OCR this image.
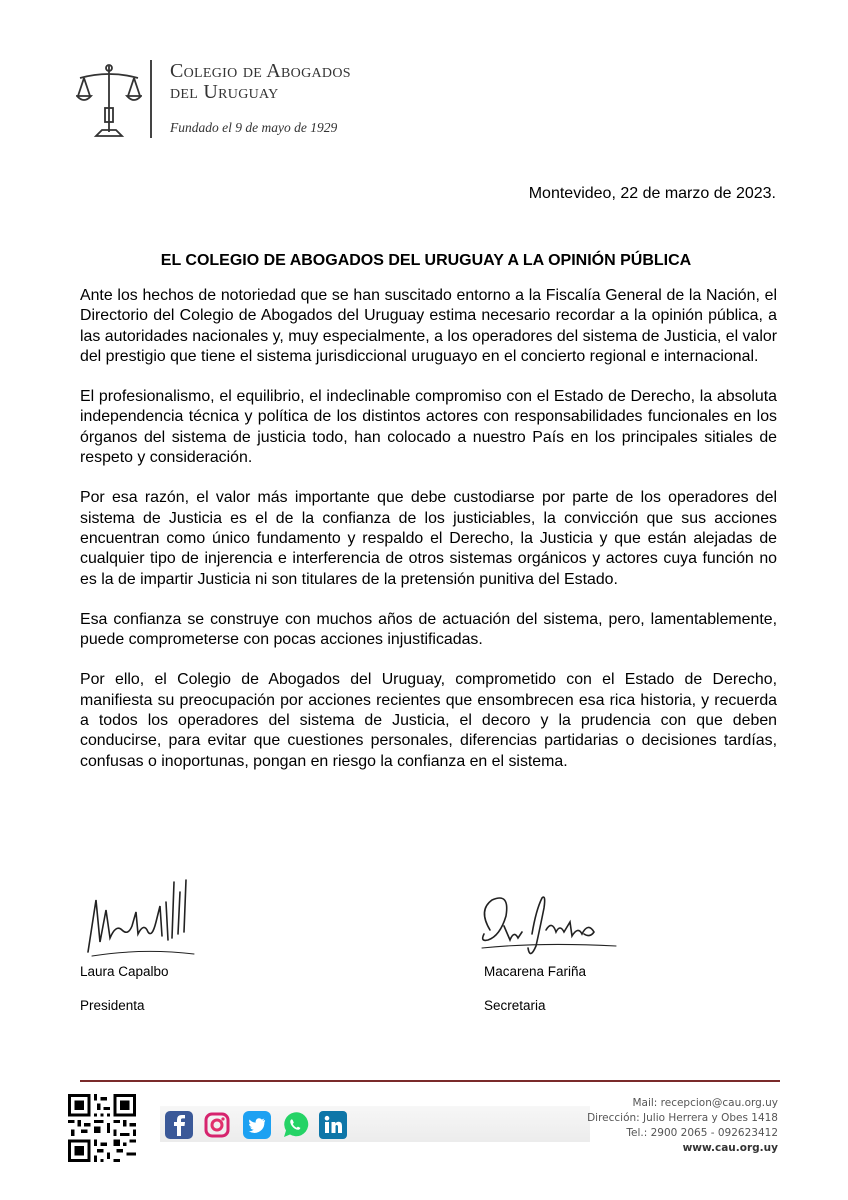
Colegio de Abogados
del Uruguay
Fundado el 9 de mayo de 1929
Montevideo, 22 de marzo de 2023.
EL COLEGIO DE ABOGADOS DEL URUGUAY A LA OPINIÓN PÚBLICA

Ante los hechos de notoriedad que se han suscitado entorno a la Fiscalía General de la Nación, el Directorio del Colegio de Abogados del Uruguay estima necesario recordar a la opinión pública, a las autoridades nacionales y, muy especialmente, a los operadores del sistema de Justicia, el valor del prestigio que tiene el sistema jurisdiccional uruguayo en el concierto regional e internacional.

El profesionalismo, el equilibrio, el indeclinable compromiso con el Estado de Derecho, la absoluta independencia técnica y política de los distintos actores con responsabilidades funcionales en los órganos del sistema de justicia todo, han colocado a nuestro País en los principales sitiales de respeto y consideración.

Por esa razón, el valor más importante que debe custodiarse por parte de los operadores del sistema de Justicia es el de la confianza de los justiciables, la convicción que sus acciones encuentran como único fundamento y respaldo el Derecho, la Justicia y que están alejadas de cualquier tipo de injerencia e interferencia de otros sistemas orgánicos y actores cuya función no es la de impartir Justicia ni son titulares de la pretensión punitiva del Estado.

Esa confianza se construye con muchos años de actuación del sistema, pero, lamentablemente, puede comprometerse con pocas acciones injustificadas.

Por ello, el Colegio de Abogados del Uruguay, comprometido con el Estado de Derecho, manifiesta su preocupación por acciones recientes que ensombrecen esa rica historia, y recuerda a todos los operadores del sistema de Justicia, el decoro y la prudencia con que deben conducirse, para evitar que cuestiones personales, diferencias partidarias o decisiones tardías, confusas o inoportunas, pongan en riesgo la confianza en el sistema.

Laura Capalbo
Presidenta
Macarena Fariña
Secretaria
Mail: recepcion@cau.org.uy
Dirección: Julio Herrera y Obes 1418
Tel.: 2900 2065 - 092623412
www.cau.org.uy
